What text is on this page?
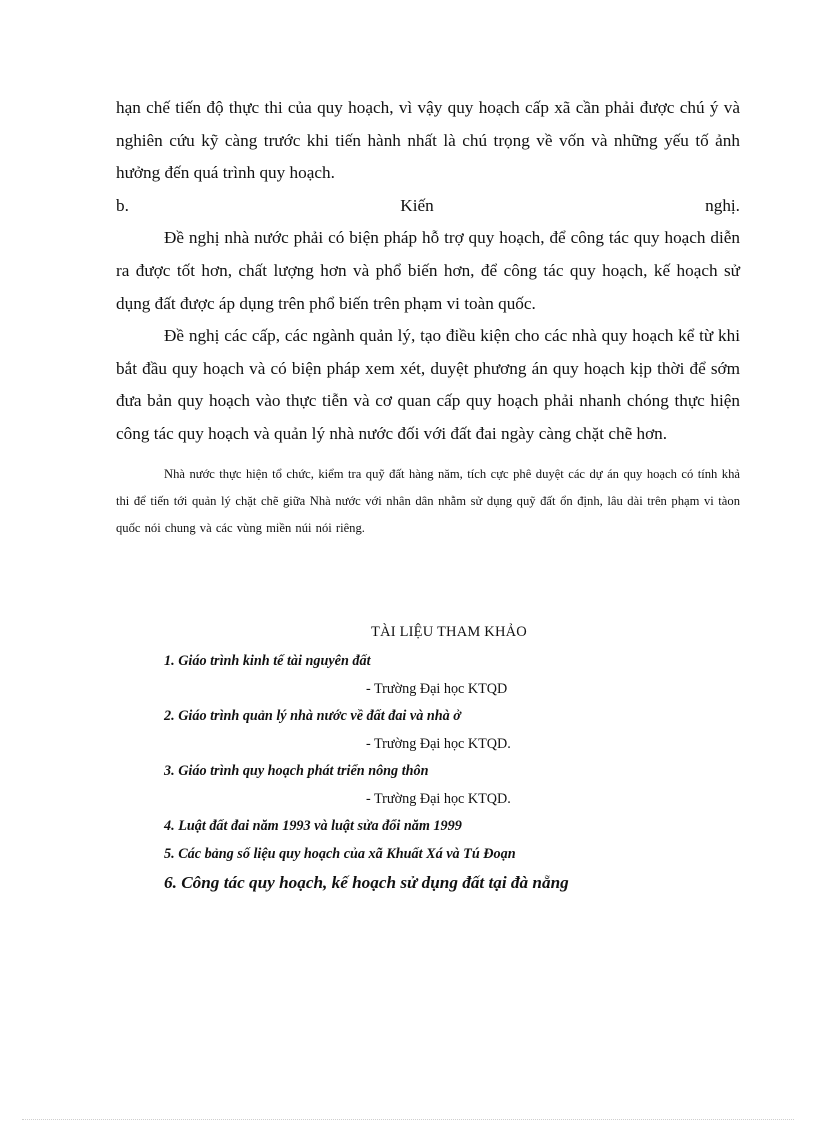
hạn chế tiến độ thực thi của quy hoạch, vì vậy quy hoạch cấp xã cần phải được chú ý và nghiên cứu kỹ càng trước khi tiến hành nhất là chú trọng về vốn và những yếu tố ảnh hưởng đến quá trình quy hoạch.

b.	Kiến	nghị.

Đề nghị nhà nước phải có biện pháp hỗ trợ quy hoạch, để công tác quy hoạch diễn ra được tốt hơn, chất lượng hơn và phổ biến hơn, để công tác quy hoạch, kế hoạch sử dụng đất được áp dụng trên phổ biến trên phạm vi toàn quốc.

Đề nghị các cấp, các ngành quản lý, tạo điều kiện cho các nhà quy hoạch kể từ khi bắt đầu quy hoạch và có biện pháp xem xét, duyệt phương án quy hoạch kịp thời để sớm đưa bản quy hoạch vào thực tiễn và cơ quan cấp quy hoạch phải nhanh chóng thực hiện công tác quy hoạch và quản lý nhà nước đối với đất đai ngày càng chặt chẽ hơn.

Nhà nước thực hiện tổ chức, kiểm tra quỹ đất hàng năm, tích cực phê duyệt các dự án quy hoạch có tính khả thi để tiến tới quản lý chặt chẽ giữa Nhà nước với nhân dân nhằm sử dụng quỹ đất ổn định, lâu dài trên phạm vi tàon quốc nói chung và các vùng miền núi nói riêng.

TÀI LIỆU THAM KHẢO
1. Giáo trình kinh tế tài nguyên đất
- Trường Đại học KTQD
2. Giáo trình quản lý nhà nước về đất đai và nhà ở
- Trường Đại học KTQD.
3. Giáo trình quy hoạch phát triển nông thôn
- Trường Đại học KTQD.
4. Luật đất đai năm 1993 và luật sửa đổi năm 1999
5. Các bảng số liệu quy hoạch của xã Khuất Xá và Tú Đoạn
6. Công tác quy hoạch, kế hoạch sử dụng đất tại đà nẵng
